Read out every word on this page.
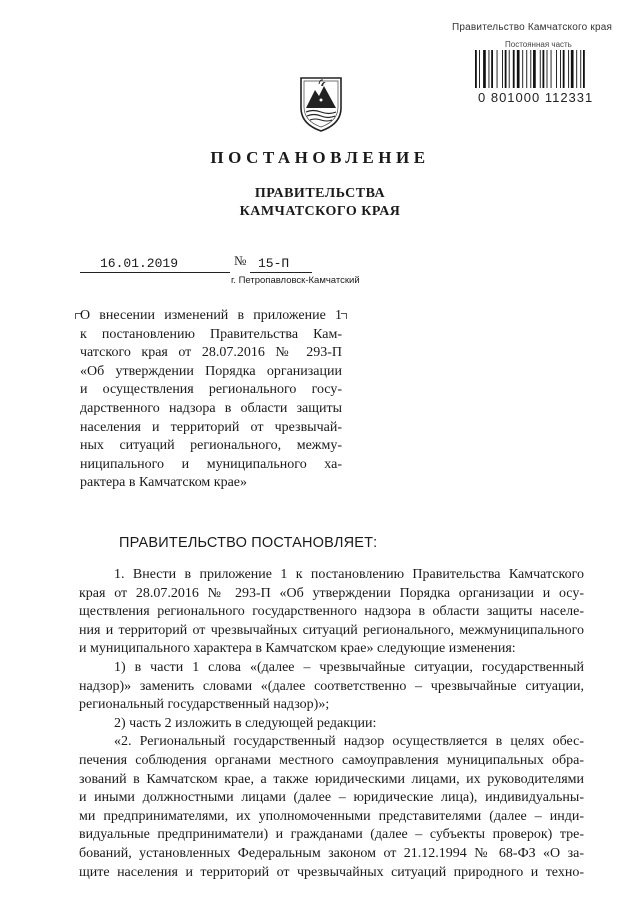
Правительство Камчатского края
Постоянная часть
0 801000 112331
ПОСТАНОВЛЕНИЕ
ПРАВИТЕЛЬСТВА
КАМЧАТСКОГО КРАЯ
16.01.2019	№ 15-П
г. Петропавловск-Камчатский
О внесении изменений в приложение 1
к постановлению Правительства Кам-
чатского края от 28.07.2016 № 293-П
«Об утверждении Порядка организации
и осуществления регионального госу-
дарственного надзора в области защиты
населения и территорий от чрезвычай-
ных ситуаций регионального, межму-
ниципального и муниципального ха-
рактера в Камчатском крае»
ПРАВИТЕЛЬСТВО ПОСТАНОВЛЯЕТ:
1. Внести в приложение 1 к постановлению Правительства Камчатского
края от 28.07.2016 № 293-П «Об утверждении Порядка организации и осу-
ществления регионального государственного надзора в области защиты населе-
ния и территорий от чрезвычайных ситуаций регионального, межмуниципального
и муниципального характера в Камчатском крае» следующие изменения:
1) в части 1 слова «(далее – чрезвычайные ситуации, государственный
надзор)» заменить словами «(далее соответственно – чрезвычайные ситуации,
региональный государственный надзор)»;
2) часть 2 изложить в следующей редакции:
«2. Региональный государственный надзор осуществляется в целях обес-
печения соблюдения органами местного самоуправления муниципальных обра-
зований в Камчатском крае, а также юридическими лицами, их руководителями
и иными должностными лицами (далее – юридические лица), индивидуальны-
ми предпринимателями, их уполномоченными представителями (далее – инди-
видуальные предприниматели) и гражданами (далее – субъекты проверок) тре-
бований, установленных Федеральным законом от 21.12.1994 № 68-ФЗ «О за-
щите населения и территорий от чрезвычайных ситуаций природного и техно-
